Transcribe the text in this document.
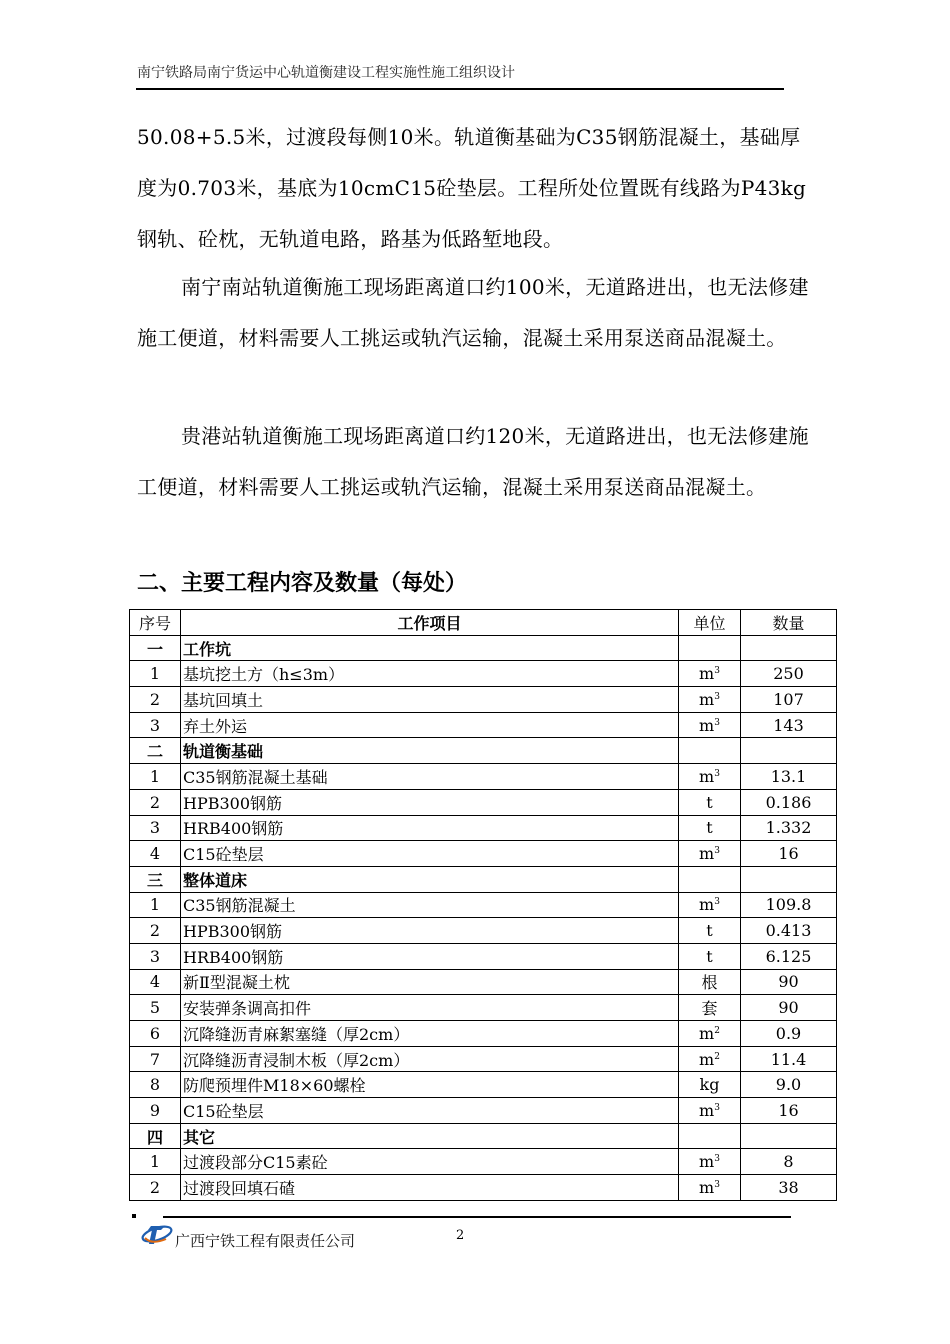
南宁铁路局南宁货运中心轨道衡建设工程实施性施工组织设计

50.08+5.5米，过渡段每侧10米。轨道衡基础为C35钢筋混凝土，基础厚度为0.703米，基底为10cmC15砼垫层。工程所处位置既有线路为P43kg钢轨、砼枕，无轨道电路，路基为低路堑地段。

南宁南站轨道衡施工现场距离道口约100米，无道路进出，也无法修建施工便道，材料需要人工挑运或轨汽运输，混凝土采用泵送商品混凝土。

贵港站轨道衡施工现场距离道口约120米，无道路进出，也无法修建施工便道，材料需要人工挑运或轨汽运输，混凝土采用泵送商品混凝土。

二、主要工程内容及数量（每处）
序号	工作项目	单位	数量
一	工作坑		
1	基坑挖土方（h≤3m）	$m^3$	250
2	基坑回填土	$m^3$	107
3	弃土外运	$m^3$	143
二	轨道衡基础		
1	C35钢筋混凝土基础	$m^3$	13.1
2	HPB300钢筋	t	0.186
3	HRB400钢筋	t	1.332
4	C15砼垫层	$m^3$	16
三	整体道床		
1	C35钢筋混凝土	$m^3$	109.8
2	HPB300钢筋	t	0.413
3	HRB400钢筋	t	6.125
4	新Ⅱ型混凝土枕	根	90
5	安装弹条调高扣件	套	90
6	沉降缝沥青麻絮塞缝（厚2cm）	$m^2$	0.9
7	沉降缝沥青浸制木板（厚2cm）	$m^2$	11.4
8	防爬预埋件M18×60螺栓	kg	9.0
9	C15砼垫层	$m^3$	16
四	其它		
1	过渡段部分C15素砼	$m^3$	8
2	过渡段回填石碴	$m^3$	38
广西宁铁工程有限责任公司	2
